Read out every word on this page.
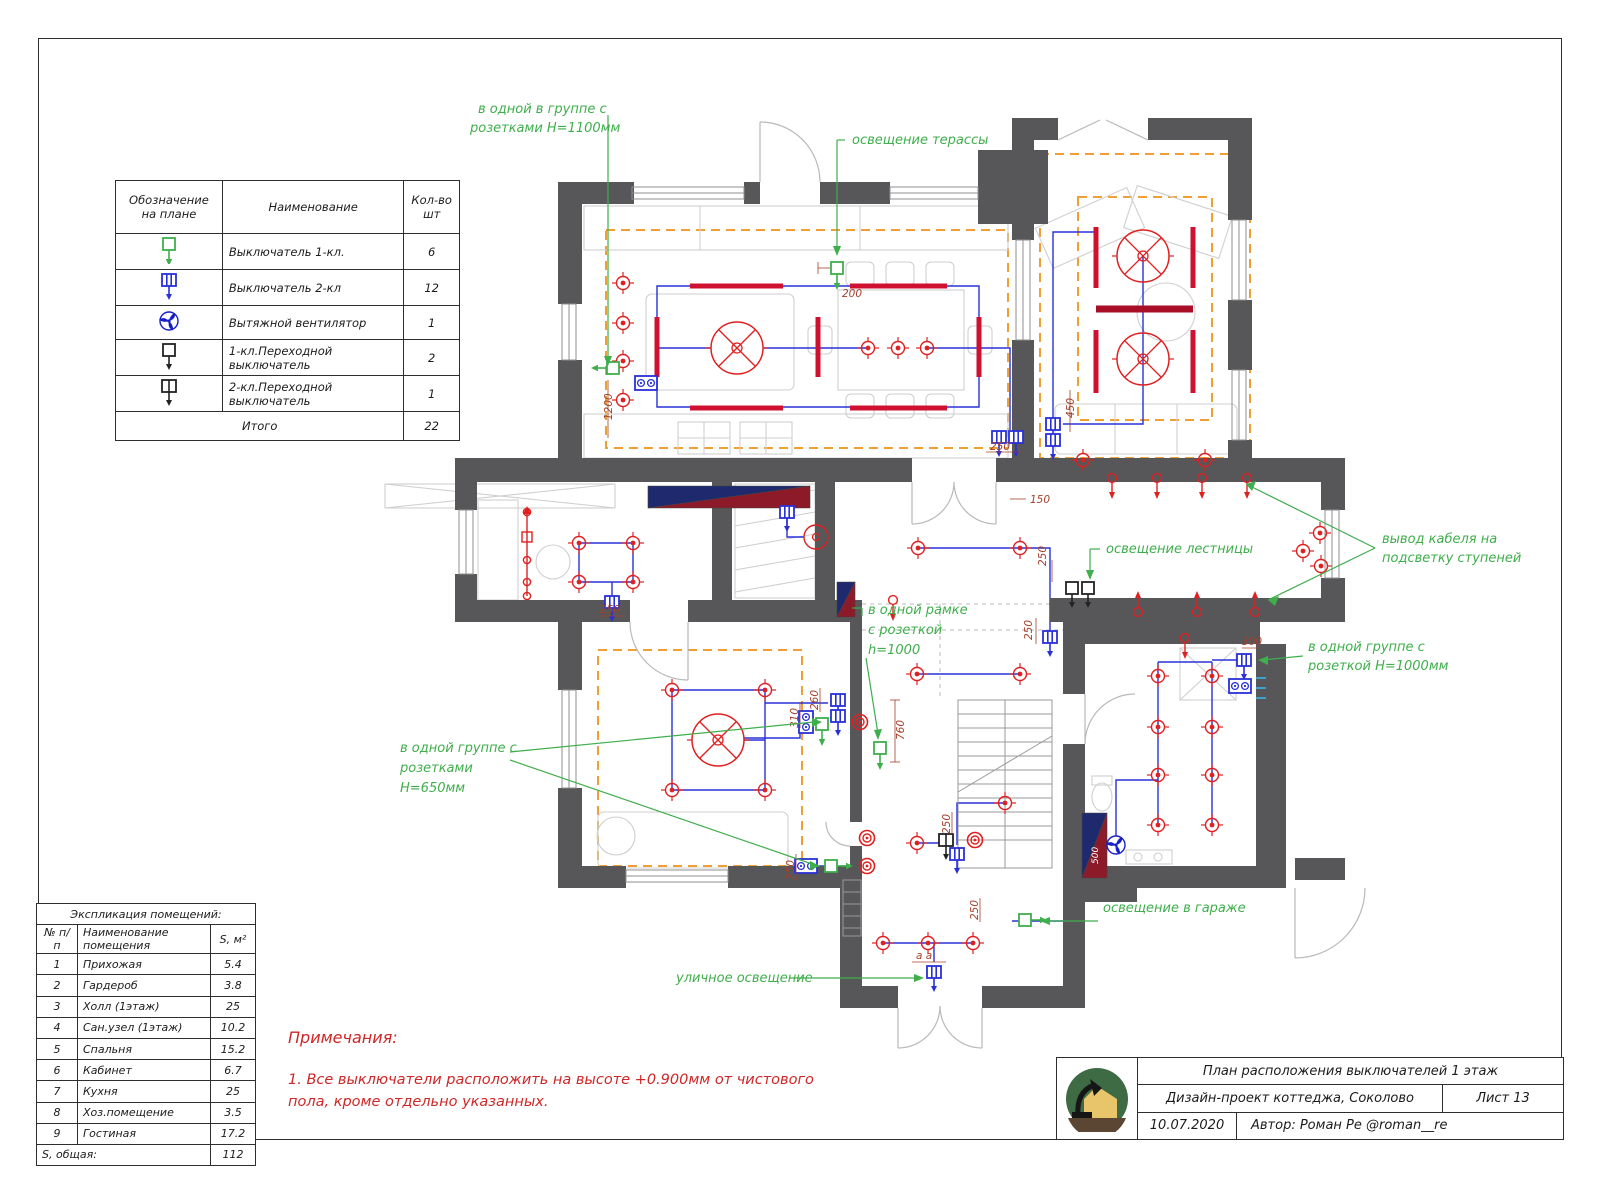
500
200
1200
250
450
150
250
250
250
300
760
260
310
250
250
250
а а
в одной в группе с
розетками Н=1100мм
освещение терассы
освещение лестницы
вывод кабеля на
подсветку ступеней
в одной рамке
с розеткой
h=1000	в одной группе с
розеткой Н=1000мм
в одной группе с
розетками
Н=650мм
освещение в гараже
уличное освещение
Обозначение на плане	Наименование	Кол-во шт
	Выключатель 1-кл.	6
	Выключатель 2-кл	12
	Вытяжной вентилятор	1
	1-кл.Переходной выключатель	2
	2-кл.Переходной выключатель	1
Итого		22
Экспликация помещений:		
№ п/п	Наименование помещения	S, м²
1	Прихожая	5.4
2	Гардероб	3.8
3	Холл (1этаж)	25
4	Сан.узел (1этаж)	10.2
5	Спальня	15.2
6	Кабинет	6.7
7	Кухня	25
8	Хоз.помещение	3.5
9	Гостиная	17.2
S, общая:		112
Примечания:
1. Все выключатели расположить на высоте +0.900мм от чистового пола, кроме отдельно указанных.
План расположения выключателей 1 этаж
Дизайн-проект коттеджа, Соколово	Лист 13
10.07.2020	Автор: Роман Ре @roman__re
